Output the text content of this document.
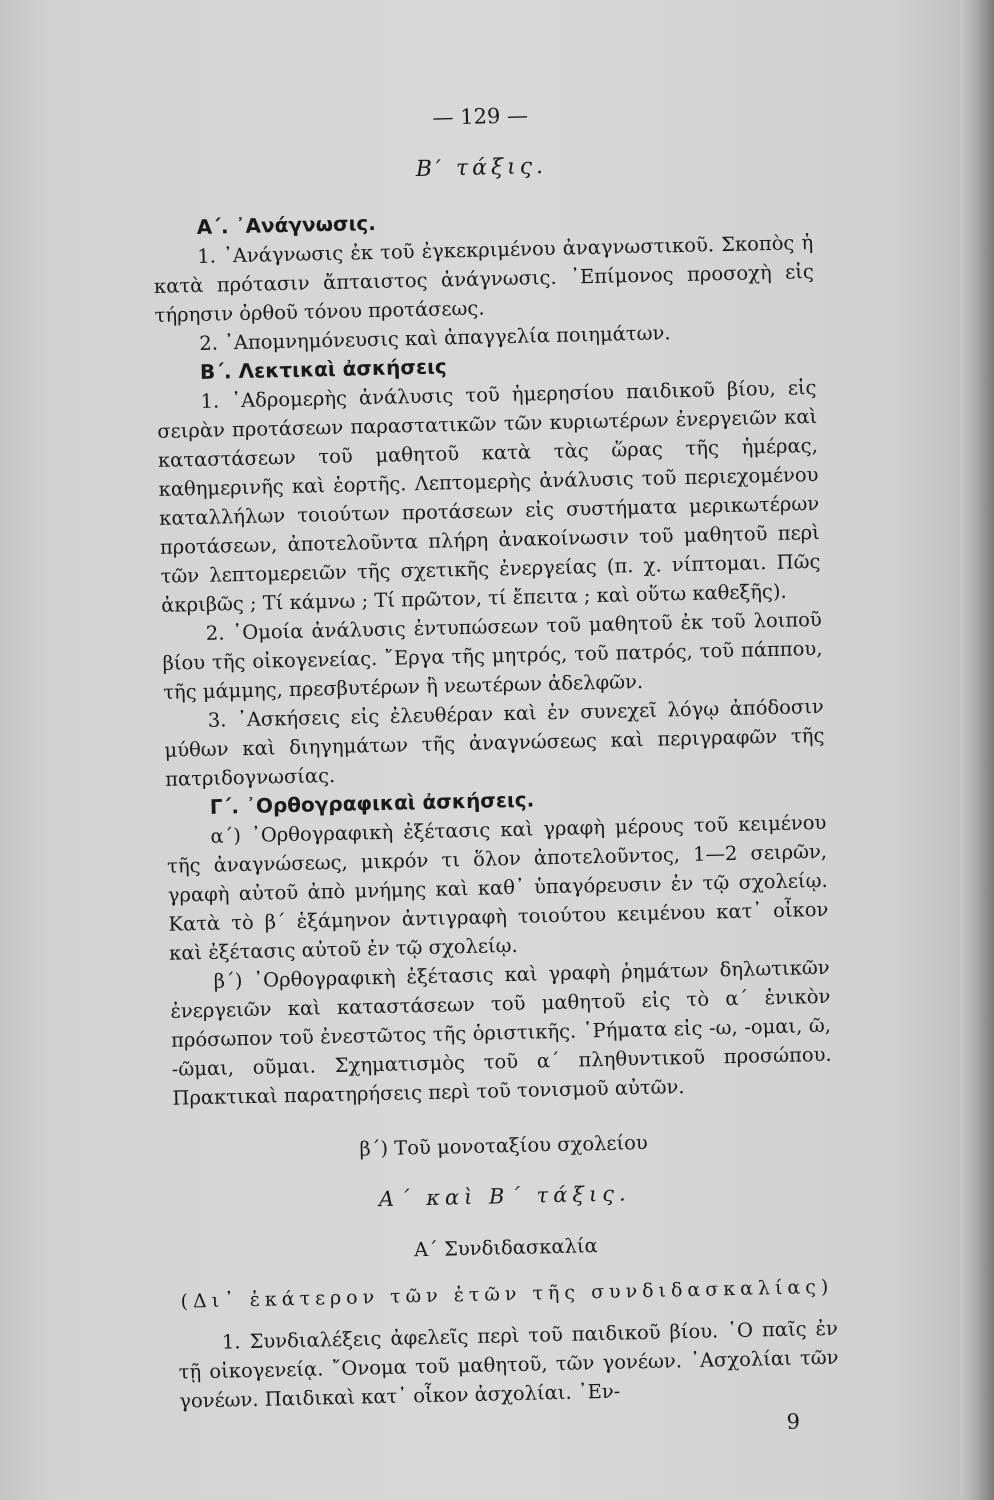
— 129 —
Β′ τάξις.
Α΄. ᾿Ανάγνωσις.

1. ᾿Ανάγνωσις ἐκ τοῦ ἐγκεκριμένου ἀναγνωστικοῦ. Σκοπὸς ἡ κατὰ πρότασιν ἄπταιστος ἀνάγνωσις. ᾿Επίμονος προσοχὴ εἰς τήρησιν ὀρθοῦ τόνου προτάσεως.

2. ᾿Απομνημόνευσις καὶ ἀπαγγελία ποιημάτων.

Β΄. Λεκτικαὶ ἀσκήσεις

1. ῾Αδρομερὴς ἀνάλυσις τοῦ ἡμερησίου παιδικοῦ βίου, εἰς σειρὰν προτάσεων παραστατικῶν τῶν κυριωτέρων ἐνεργειῶν καὶ καταστάσεων τοῦ μαθητοῦ κατὰ τὰς ὥρας τῆς ἡμέρας, καθημερινῆς καὶ ἑορτῆς. Λεπτομερὴς ἀνάλυσις τοῦ περιεχομένου καταλλήλων τοιούτων προτάσεων εἰς συστήματα μερικωτέρων προτάσεων, ἀποτελοῦντα πλήρη ἀνακοίνωσιν τοῦ μαθητοῦ περὶ τῶν λεπτομερειῶν τῆς σχετικῆς ἐνεργείας (π. χ. νίπτομαι. Πῶς ἀκριβῶς ; Τί κάμνω ; Τί πρῶτον, τί ἔπειτα ; καὶ οὕτω καθεξῆς).

2. ῾Ομοία ἀνάλυσις ἐντυπώσεων τοῦ μαθητοῦ ἐκ τοῦ λοιποῦ βίου τῆς οἰκογενείας. ῎Εργα τῆς μητρός, τοῦ πατρός, τοῦ πάππου, τῆς μάμμης, πρεσβυτέρων ἢ νεωτέρων ἀδελφῶν.

3. ᾿Ασκήσεις εἰς ἐλευθέραν καὶ ἐν συνεχεῖ λόγῳ ἀπόδοσιν μύθων καὶ διηγημάτων τῆς ἀναγνώσεως καὶ περιγραφῶν τῆς πατριδογνωσίας.

Γ΄. ᾿Ορθογραφικαὶ ἀσκήσεις.

α΄) ᾿Ορθογραφικὴ ἐξέτασις καὶ γραφὴ μέρους τοῦ κειμένου τῆς ἀναγνώσεως, μικρόν τι ὅλον ἀποτελοῦντος, 1—2 σειρῶν, γραφὴ αὐτοῦ ἀπὸ μνήμης καὶ καθ᾿ ὑπαγόρευσιν ἐν τῷ σχολείῳ. Κατὰ τὸ β΄ ἑξάμηνον ἀντιγραφὴ τοιούτου κειμένου κατ᾿ οἶκον καὶ ἐξέτασις αὐτοῦ ἐν τῷ σχολείῳ.

β΄) ᾿Ορθογραφικὴ ἐξέτασις καὶ γραφὴ ῥημάτων δηλωτικῶν ἐνεργειῶν καὶ καταστάσεων τοῦ μαθητοῦ εἰς τὸ α΄ ἑνικὸν πρόσωπον τοῦ ἐνεστῶτος τῆς ὁριστικῆς. ῾Ρήματα εἰς -ω, -ομαι, ῶ, -ῶμαι, οῦμαι. Σχηματισμὸς τοῦ α΄ πληθυντικοῦ προσώπου. Πρακτικαὶ παρατηρήσεις περὶ τοῦ τονισμοῦ αὐτῶν.

β΄) Τοῦ μονοταξίου σχολείου
Α΄ καὶ Β΄ τάξις.
Α΄ Συνδιδασκαλία
(Δι᾿ ἑκάτερον τῶν ἐτῶν τῆς συνδιδασκαλίας)

1. Συνδιαλέξεις ἀφελεῖς περὶ τοῦ παιδικοῦ βίου. ῾Ο παῖς ἐν τῇ οἰκογενείᾳ. ῎Ονομα τοῦ μαθητοῦ, τῶν γονέων. ᾿Ασχολίαι τῶν γονέων. Παιδικαὶ κατ᾿ οἶκον ἀσχολίαι. ᾿Εν-

9
